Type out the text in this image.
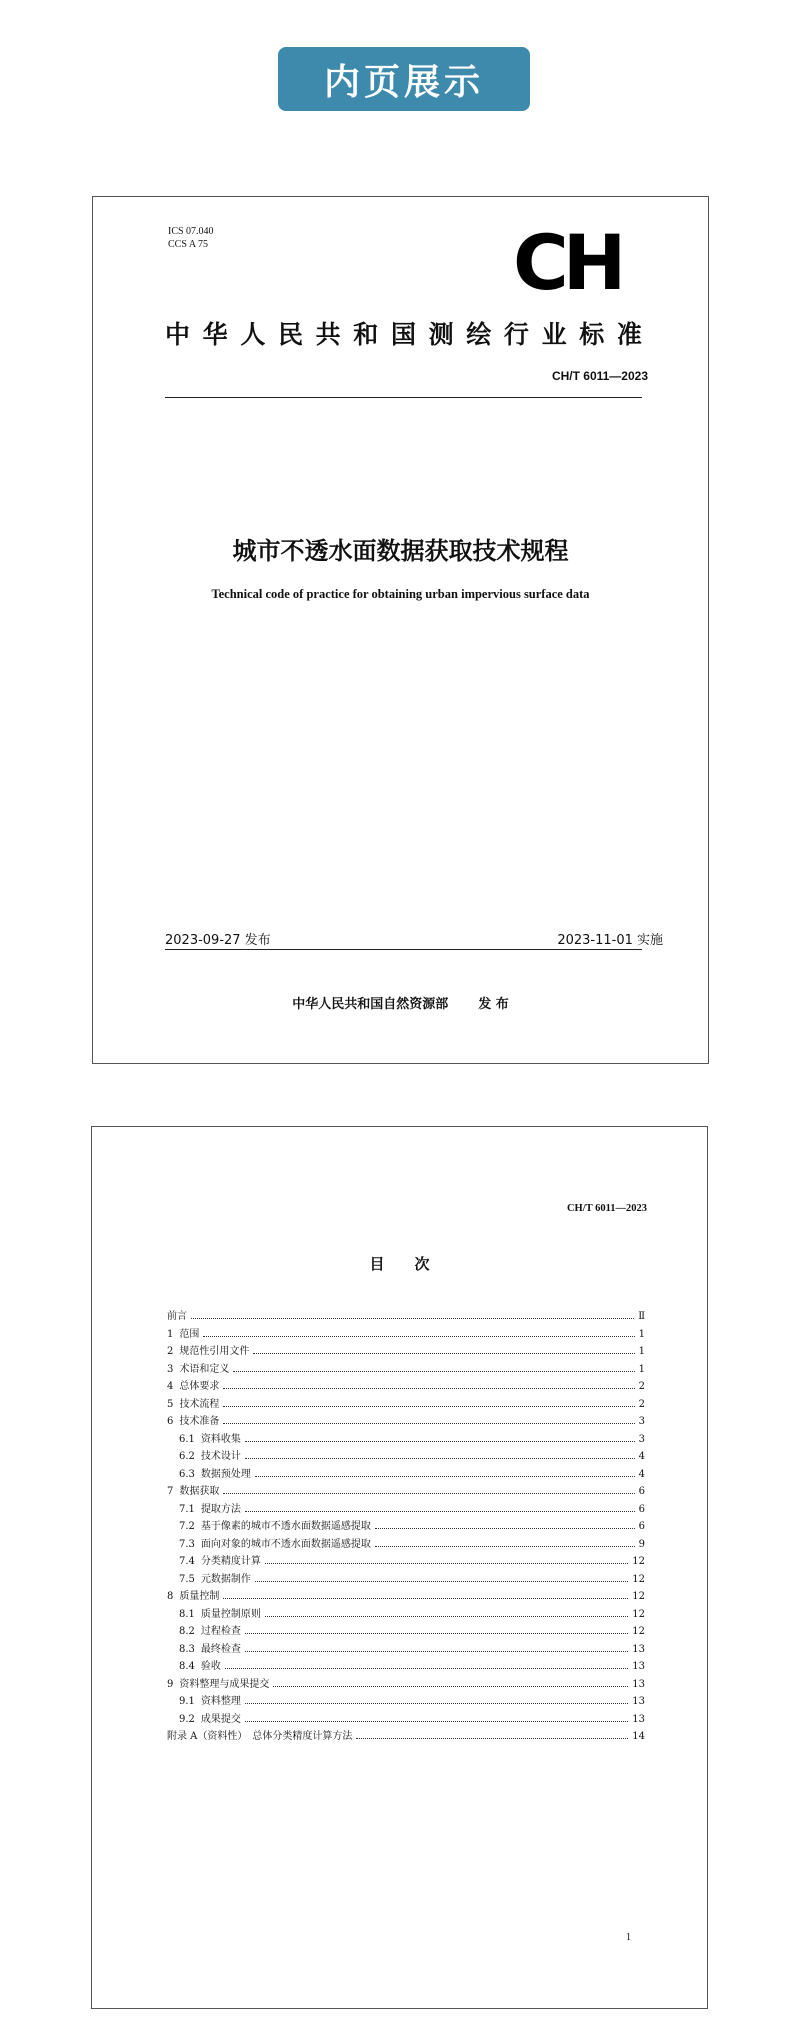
内页展示
ICS 07.040
CCS A 75	CH
中 华 人 民 共 和 国 测 绘 行 业 标 准
CH/T 6011—2023
城市不透水面数据获取技术规程
Technical code of practice for obtaining urban impervious surface data
2023-09-27 发布	2023-11-01 实施
中华人民共和国自然资源部 发 布
CH/T 6011—2023
目　　次
前言	Ⅱ
1 范围	1
2 规范性引用文件	1
3 术语和定义	1
4 总体要求	2
5 技术流程	2
6 技术准备	3
6.1 资料收集	3
6.2 技术设计	4
6.3 数据预处理	4
7 数据获取	6
7.1 提取方法	6
7.2 基于像素的城市不透水面数据遥感提取	6
7.3 面向对象的城市不透水面数据遥感提取	9
7.4 分类精度计算	12
7.5 元数据制作	12
8 质量控制	12
8.1 质量控制原则	12
8.2 过程检查	12
8.3 最终检查	13
8.4 验收	13
9 资料整理与成果提交	13
9.1 资料整理	13
9.2 成果提交	13
附录 A（资料性）　总体分类精度计算方法	14
1
